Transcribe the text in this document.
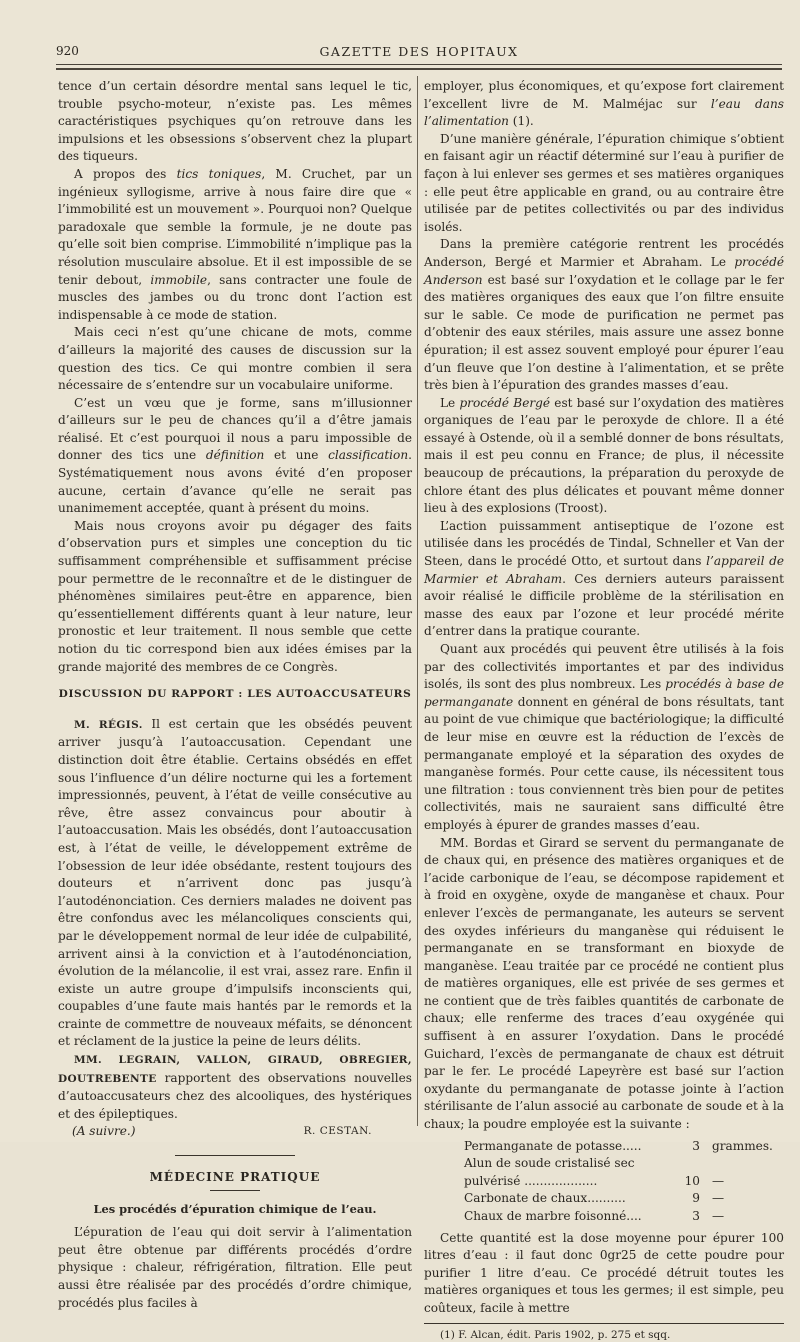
920	GAZETTE DES HOPITAUX

tence d’un certain désordre mental sans lequel le tic, trouble psycho-moteur, n’existe pas. Les mêmes caractéristiques psychiques qu’on retrouve dans les impulsions et les obsessions s’observent chez la plupart des tiqueurs.

A propos des tics toniques, M. Cruchet, par un ingénieux syllogisme, arrive à nous faire dire que « l’immobilité est un mouvement ». Pourquoi non? Quelque paradoxale que semble la formule, je ne doute pas qu’elle soit bien comprise. L’immobilité n’implique pas la résolution musculaire absolue. Et il est impossible de se tenir debout, immobile, sans contracter une foule de muscles des jambes ou du tronc dont l’action est indispensable à ce mode de station.

Mais ceci n’est qu’une chicane de mots, comme d’ailleurs la majorité des causes de discussion sur la question des tics. Ce qui montre combien il sera nécessaire de s’entendre sur un vocabulaire uniforme.

C’est un vœu que je forme, sans m’illusionner d’ailleurs sur le peu de chances qu’il a d’être jamais réalisé. Et c’est pourquoi il nous a paru impossible de donner des tics une définition et une classification. Systématiquement nous avons évité d’en proposer aucune, certain d’avance qu’elle ne serait pas unanimement acceptée, quant à présent du moins.

Mais nous croyons avoir pu dégager des faits d’observation purs et simples une conception du tic suffisamment compréhensible et suffisamment précise pour permettre de le reconnaître et de le distinguer de phénomènes similaires peut-être en apparence, bien qu’essentiellement différents quant à leur nature, leur pronostic et leur traitement. Il nous semble que cette notion du tic correspond bien aux idées émises par la grande majorité des membres de ce Congrès.

DISCUSSION DU RAPPORT : LES AUTOACCUSATEURS

M. RÉGIS. Il est certain que les obsédés peuvent arriver jusqu’à l’autoaccusation. Cependant une distinction doit être établie. Certains obsédés en effet sous l’influence d’un délire nocturne qui les a fortement impressionnés, peuvent, à l’état de veille consécutive au rêve, être assez convaincus pour aboutir à l’autoaccusation. Mais les obsédés, dont l’autoaccusation est, à l’état de veille, le développement extrême de l’obsession de leur idée obsédante, restent toujours des douteurs et n’arrivent donc pas jusqu’à l’autodénonciation. Ces derniers malades ne doivent pas être confondus avec les mélancoliques conscients qui, par le développement normal de leur idée de culpabilité, arrivent ainsi à la conviction et à l’autodénonciation, évolution de la mélancolie, il est vrai, assez rare. Enfin il existe un autre groupe d’impulsifs inconscients qui, coupables d’une faute mais hantés par le remords et la crainte de commettre de nouveaux méfaits, se dénoncent et réclament de la justice la peine de leurs délits.

MM. LEGRAIN, VALLON, GIRAUD, OBREGIER, DOUTREBENTE rapportent des observations nouvelles d’autoaccusateurs chez des alcooliques, des hystériques et des épileptiques.

(A suivre.)	R. CESTAN.
MÉDECINE PRATIQUE
Les procédés d’épuration chimique de l’eau.

L’épuration de l’eau qui doit servir à l’alimentation peut être obtenue par différents procédés d’ordre physique : chaleur, réfrigération, filtration. Elle peut aussi être réalisée par des procédés d’ordre chimique, procédés plus faciles à

employer, plus économiques, et qu’expose fort clairement l’excellent livre de M. Malméjac sur l’eau dans l’alimentation (1).

D’une manière générale, l’épuration chimique s’obtient en faisant agir un réactif déterminé sur l’eau à purifier de façon à lui enlever ses germes et ses matières organiques : elle peut être applicable en grand, ou au contraire être utilisée par de petites collectivités ou par des individus isolés.

Dans la première catégorie rentrent les procédés Anderson, Bergé et Marmier et Abraham. Le procédé Anderson est basé sur l’oxydation et le collage par le fer des matières organiques des eaux que l’on filtre ensuite sur le sable. Ce mode de purification ne permet pas d’obtenir des eaux stériles, mais assure une assez bonne épuration; il est assez souvent employé pour épurer l’eau d’un fleuve que l’on destine à l’alimentation, et se prête très bien à l’épuration des grandes masses d’eau.

Le procédé Bergé est basé sur l’oxydation des matières organiques de l’eau par le peroxyde de chlore. Il a été essayé à Ostende, où il a semblé donner de bons résultats, mais il est peu connu en France; de plus, il nécessite beaucoup de précautions, la préparation du peroxyde de chlore étant des plus délicates et pouvant même donner lieu à des explosions (Troost).

L’action puissamment antiseptique de l’ozone est utilisée dans les procédés de Tindal, Schneller et Van der Steen, dans le procédé Otto, et surtout dans l’appareil de Marmier et Abraham. Ces derniers auteurs paraissent avoir réalisé le difficile problème de la stérilisation en masse des eaux par l’ozone et leur procédé mérite d’entrer dans la pratique courante.

Quant aux procédés qui peuvent être utilisés à la fois par des collectivités importantes et par des individus isolés, ils sont des plus nombreux. Les procédés à base de permanganate donnent en général de bons résultats, tant au point de vue chimique que bactériologique; la difficulté de leur mise en œuvre est la réduction de l’excès de permanganate employé et la séparation des oxydes de manganèse formés. Pour cette cause, ils nécessitent tous une filtration : tous conviennent très bien pour de petites collectivités, mais ne sauraient sans difficulté être employés à épurer de grandes masses d’eau.

MM. Bordas et Girard se servent du permanganate de de chaux qui, en présence des matières organiques et de l’acide carbonique de l’eau, se décompose rapidement et à froid en oxygène, oxyde de manganèse et chaux. Pour enlever l’excès de permanganate, les auteurs se servent des oxydes inférieurs du manganèse qui réduisent le permanganate en se transformant en bioxyde de manganèse. L’eau traitée par ce procédé ne contient plus de matières organiques, elle est privée de ses germes et ne contient que de très faibles quantités de carbonate de chaux; elle renferme des traces d’eau oxygénée qui suffisent à en assurer l’oxydation. Dans le procédé Guichard, l’excès de permanganate de chaux est détruit par le fer. Le procédé Lapeyrère est basé sur l’action oxydante du permanganate de potasse jointe à l’action stérilisante de l’alun associé au carbonate de soude et à la chaux; la poudre employée est la suivante :

Permanganate de potasse.....	3 grammes.
Alun de soude cristalisé sec
pulvérisé ...................	10 —
Carbonate de chaux..........	9 —
Chaux de marbre foisonné....	3 —

Cette quantité est la dose moyenne pour épurer 100 litres d’eau : il faut donc 0gr25 de cette poudre pour purifier 1 litre d’eau. Ce procédé détruit toutes les matières organiques et tous les germes; il est simple, peu coûteux, facile à mettre

(1) F. Alcan, édit. Paris 1902, p. 275 et sqq.
